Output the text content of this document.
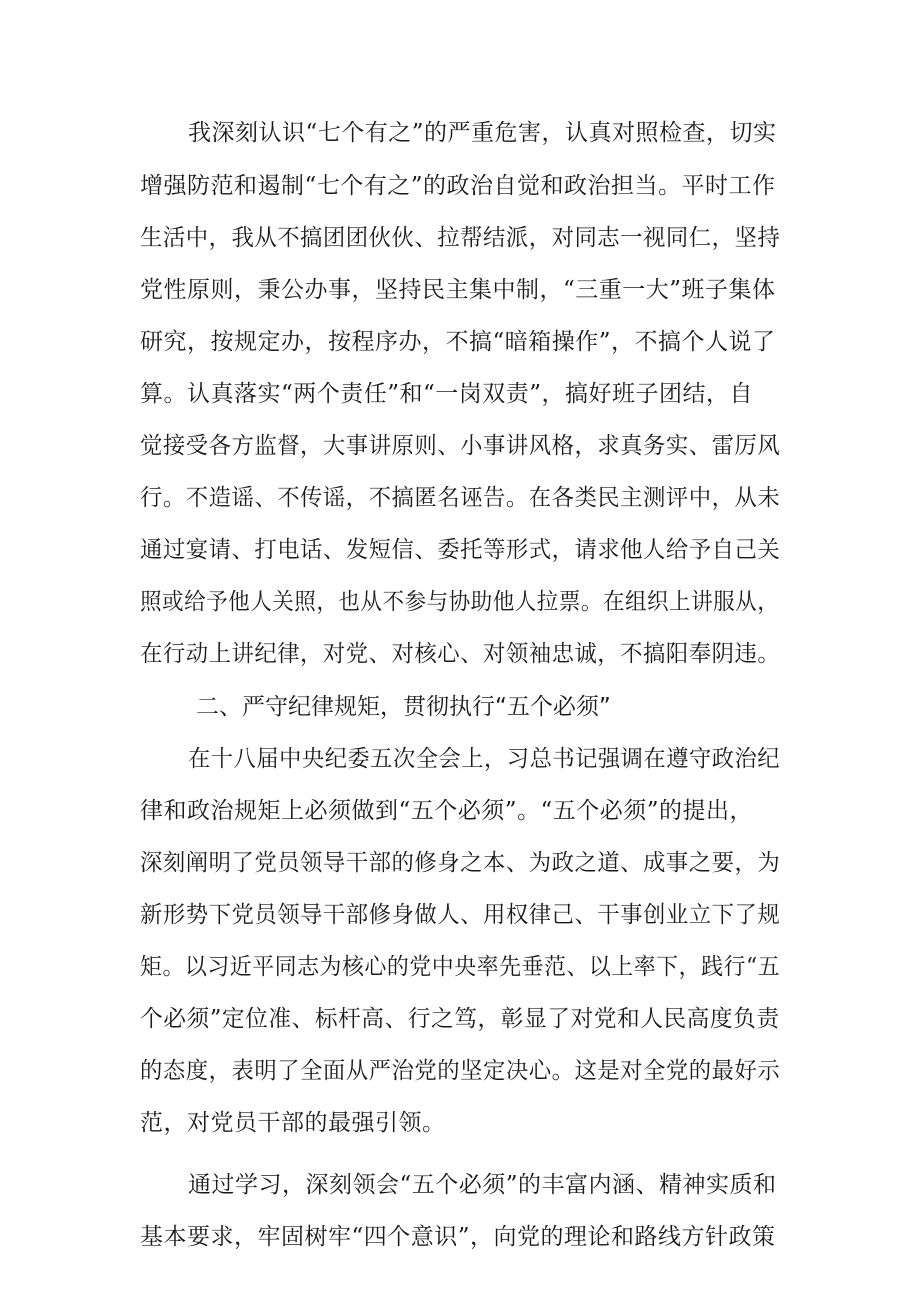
我深刻认识“七个有之”的严重危害，认真对照检查，切实
增强防范和遏制“七个有之”的政治自觉和政治担当。平时工作
生活中，我从不搞团团伙伙、拉帮结派，对同志一视同仁，坚持
党性原则，秉公办事，坚持民主集中制，“三重一大”班子集体
研究，按规定办，按程序办，不搞“暗箱操作”，不搞个人说了
算。认真落实“两个责任”和“一岗双责”，搞好班子团结，自
觉接受各方监督，大事讲原则、小事讲风格，求真务实、雷厉风
行。不造谣、不传谣，不搞匿名诬告。在各类民主测评中，从未
通过宴请、打电话、发短信、委托等形式，请求他人给予自己关
照或给予他人关照，也从不参与协助他人拉票。在组织上讲服从，
在行动上讲纪律，对党、对核心、对领袖忠诚，不搞阳奉阴违。
二、严守纪律规矩，贯彻执行“五个必须”
在十八届中央纪委五次全会上，习总书记强调在遵守政治纪
律和政治规矩上必须做到“五个必须”。“五个必须”的提出，
深刻阐明了党员领导干部的修身之本、为政之道、成事之要，为
新形势下党员领导干部修身做人、用权律己、干事创业立下了规
矩。以习近平同志为核心的党中央率先垂范、以上率下，践行“五
个必须”定位准、标杆高、行之笃，彰显了对党和人民高度负责
的态度，表明了全面从严治党的坚定决心。这是对全党的最好示
范，对党员干部的最强引领。
通过学习，深刻领会“五个必须”的丰富内涵、精神实质和
基本要求，牢固树牢“四个意识”，向党的理论和路线方针政策
